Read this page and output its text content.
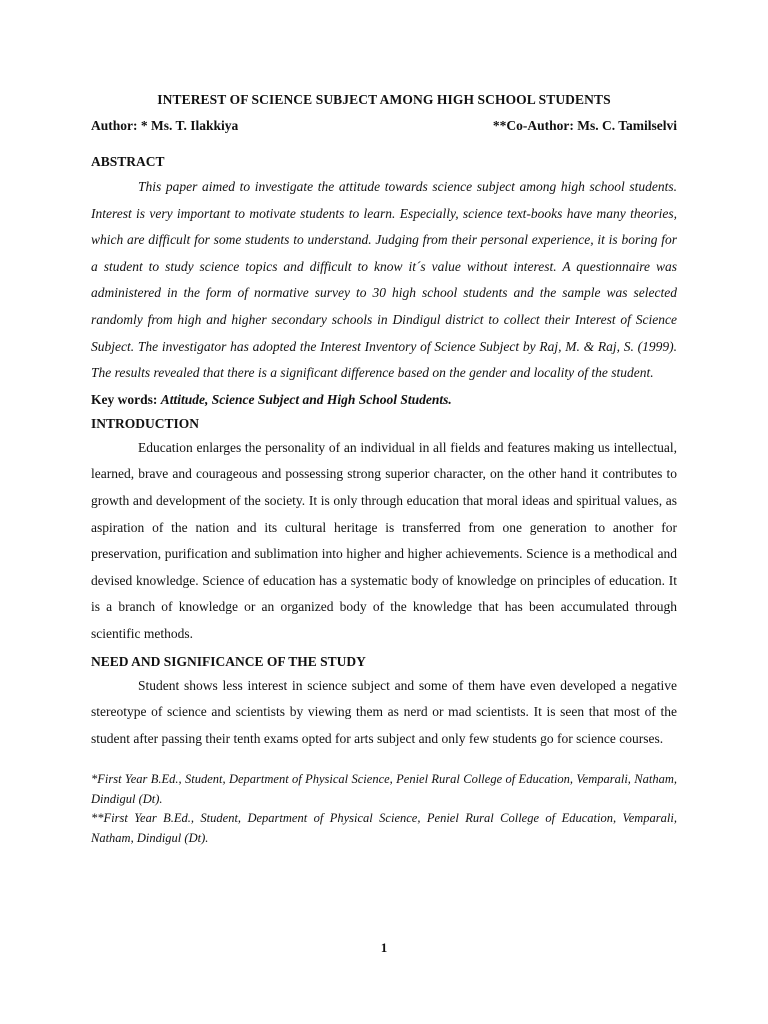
INTEREST OF SCIENCE SUBJECT AMONG HIGH SCHOOL STUDENTS
Author: * Ms. T. Ilakkiya	**Co-Author: Ms. C. Tamilselvi
ABSTRACT

This paper aimed to investigate the attitude towards science subject among high school students. Interest is very important to motivate students to learn. Especially, science text-books have many theories, which are difficult for some students to understand. Judging from their personal experience, it is boring for a student to study science topics and difficult to know it´s value without interest. A questionnaire was administered in the form of normative survey to 30 high school students and the sample was selected randomly from high and higher secondary schools in Dindigul district to collect their Interest of Science Subject. The investigator has adopted the Interest Inventory of Science Subject by Raj, M. & Raj, S. (1999). The results revealed that there is a significant difference based on the gender and locality of the student.

Key words: Attitude, Science Subject and High School Students.
INTRODUCTION

Education enlarges the personality of an individual in all fields and features making us intellectual, learned, brave and courageous and possessing strong superior character, on the other hand it contributes to growth and development of the society. It is only through education that moral ideas and spiritual values, as aspiration of the nation and its cultural heritage is transferred from one generation to another for preservation, purification and sublimation into higher and higher achievements. Science is a methodical and devised knowledge. Science of education has a systematic body of knowledge on principles of education. It is a branch of knowledge or an organized body of the knowledge that has been accumulated through scientific methods.

NEED AND SIGNIFICANCE OF THE STUDY

Student shows less interest in science subject and some of them have even developed a negative stereotype of science and scientists by viewing them as nerd or mad scientists. It is seen that most of the student after passing their tenth exams opted for arts subject and only few students go for science courses.

*First Year B.Ed., Student, Department of Physical Science, Peniel Rural College of Education, Vemparali, Natham, Dindigul (Dt).

**First Year B.Ed., Student, Department of Physical Science, Peniel Rural College of Education, Vemparali, Natham, Dindigul (Dt).

1
